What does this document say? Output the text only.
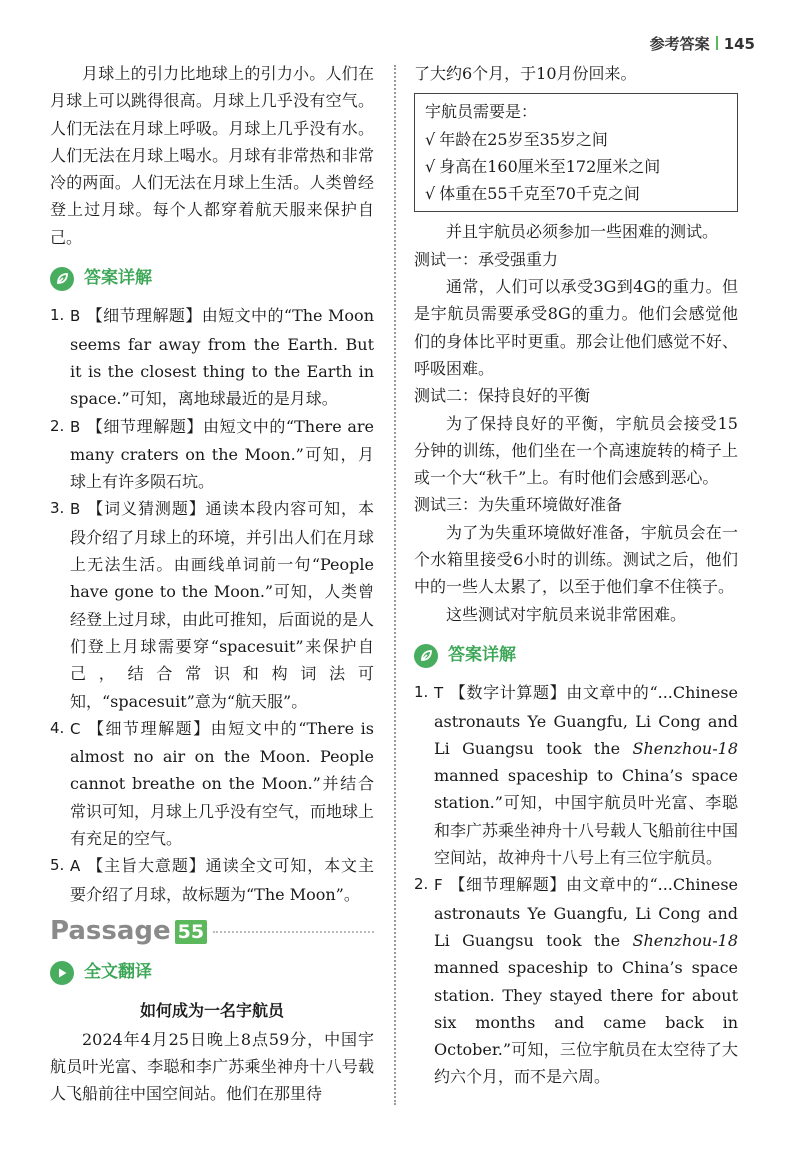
参考答案 145

月球上的引力比地球上的引力小。人们在月球上可以跳得很高。月球上几乎没有空气。人们无法在月球上呼吸。月球上几乎没有水。人们无法在月球上喝水。月球有非常热和非常冷的两面。人们无法在月球上生活。人类曾经登上过月球。每个人都穿着航天服来保护自己。

答案详解
1. B 【细节理解题】由短文中的“The Moon seems far away from the Earth. But it is the closest thing to the Earth in space.”可知，离地球最近的是月球。
2. B 【细节理解题】由短文中的“There are many craters on the Moon.”可知，月球上有许多陨石坑。
3. B 【词义猜测题】通读本段内容可知，本段介绍了月球上的环境，并引出人们在月球上无法生活。由画线单词前一句“People have gone to the Moon.”可知，人类曾经登上过月球，由此可推知，后面说的是人们登上月球需要穿“spacesuit”来保护自己，结合常识和构词法可知，“spacesuit”意为“航天服”。
4. C 【细节理解题】由短文中的“There is almost no air on the Moon. People cannot breathe on the Moon.”并结合常识可知，月球上几乎没有空气，而地球上有充足的空气。
5. A 【主旨大意题】通读全文可知，本文主要介绍了月球，故标题为“The Moon”。
Passage 55
全文翻译
如何成为一名宇航员

2024年4月25日晚上8点59分，中国宇航员叶光富、李聪和李广苏乘坐神舟十八号载人飞船前往中国空间站。他们在那里待

了大约6个月，于10月份回来。

宇航员需要是：
√ 年龄在25岁至35岁之间
√ 身高在160厘米至172厘米之间
√ 体重在55千克至70千克之间

并且宇航员必须参加一些困难的测试。

测试一：承受强重力

通常，人们可以承受3G到4G的重力。但是宇航员需要承受8G的重力。他们会感觉他们的身体比平时更重。那会让他们感觉不好、呼吸困难。

测试二：保持良好的平衡

为了保持良好的平衡，宇航员会接受15分钟的训练，他们坐在一个高速旋转的椅子上或一个大“秋千”上。有时他们会感到恶心。

测试三：为失重环境做好准备

为了为失重环境做好准备，宇航员会在一个水箱里接受6小时的训练。测试之后，他们中的一些人太累了，以至于他们拿不住筷子。

这些测试对宇航员来说非常困难。

答案详解
1. T 【数字计算题】由文章中的“...Chinese astronauts Ye Guangfu, Li Cong and Li Guangsu took the Shenzhou-18 manned spaceship to China’s space station.”可知，中国宇航员叶光富、李聪和李广苏乘坐神舟十八号载人飞船前往中国空间站，故神舟十八号上有三位宇航员。
2. F 【细节理解题】由文章中的“...Chinese astronauts Ye Guangfu, Li Cong and Li Guangsu took the Shenzhou-18 manned spaceship to China’s space station. They stayed there for about six months and came back in October.”可知，三位宇航员在太空待了大约六个月，而不是六周。
